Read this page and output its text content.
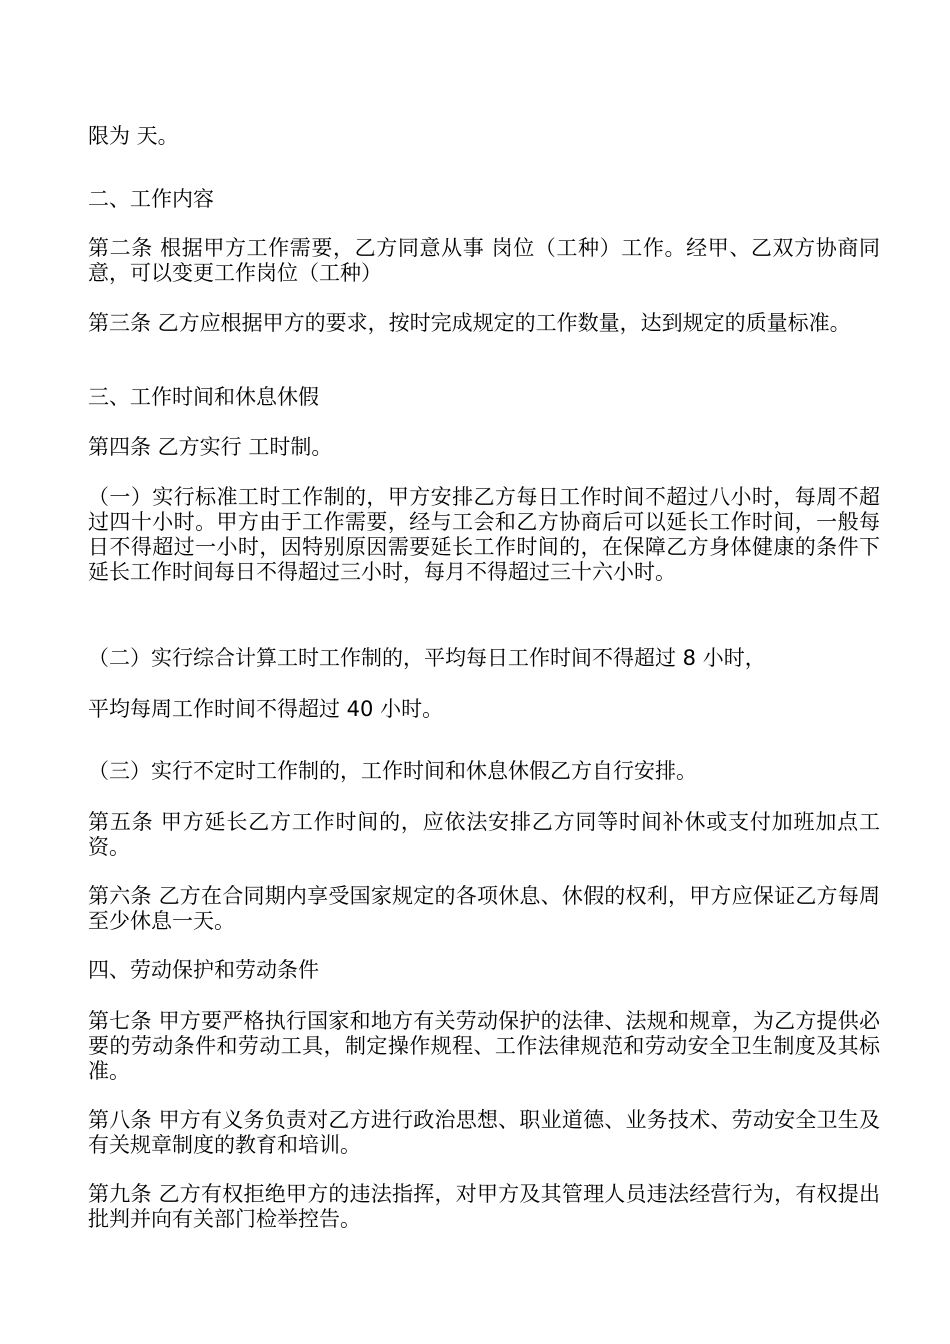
限为 天。

二、工作内容

第二条 根据甲方工作需要，乙方同意从事 岗位（工种）工作。经甲、乙双方协商同意，可以变更工作岗位（工种）

第三条 乙方应根据甲方的要求，按时完成规定的工作数量，达到规定的质量标准。

三、工作时间和休息休假

第四条 乙方实行 工时制。

（一）实行标准工时工作制的，甲方安排乙方每日工作时间不超过八小时，每周不超过四十小时。甲方由于工作需要，经与工会和乙方协商后可以延长工作时间，一般每日不得超过一小时，因特别原因需要延长工作时间的，在保障乙方身体健康的条件下延长工作时间每日不得超过三小时，每月不得超过三十六小时。

（二）实行综合计算工时工作制的，平均每日工作时间不得超过 8 小时，

平均每周工作时间不得超过 40 小时。

（三）实行不定时工作制的，工作时间和休息休假乙方自行安排。

第五条 甲方延长乙方工作时间的，应依法安排乙方同等时间补休或支付加班加点工资。

第六条 乙方在合同期内享受国家规定的各项休息、休假的权利，甲方应保证乙方每周至少休息一天。

四、劳动保护和劳动条件

第七条 甲方要严格执行国家和地方有关劳动保护的法律、法规和规章，为乙方提供必要的劳动条件和劳动工具，制定操作规程、工作法律规范和劳动安全卫生制度及其标准。

第八条 甲方有义务负责对乙方进行政治思想、职业道德、业务技术、劳动安全卫生及有关规章制度的教育和培训。

第九条 乙方有权拒绝甲方的违法指挥，对甲方及其管理人员违法经营行为，有权提出批判并向有关部门检举控告。
